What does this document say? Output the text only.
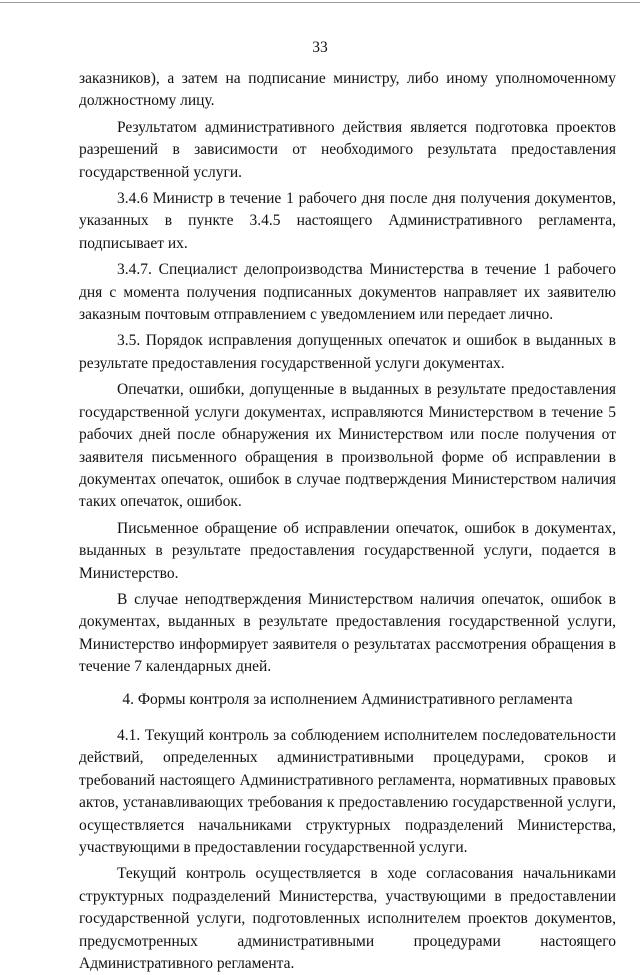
33

заказников), а затем на подписание министру, либо иному уполномоченному должностному лицу.

Результатом административного действия является подготовка проектов разрешений в зависимости от необходимого результата предоставления государственной услуги.

3.4.6 Министр в течение 1 рабочего дня после дня получения документов, указанных в пункте 3.4.5 настоящего Административного регламента, подписывает их.

3.4.7. Специалист делопроизводства Министерства в течение 1 рабочего дня с момента получения подписанных документов направляет их заявителю заказным почтовым отправлением с уведомлением или передает лично.

3.5. Порядок исправления допущенных опечаток и ошибок в выданных в результате предоставления государственной услуги документах.

Опечатки, ошибки, допущенные в выданных в результате предоставления государственной услуги документах, исправляются Министерством в течение 5 рабочих дней после обнаружения их Министерством или после получения от заявителя письменного обращения в произвольной форме об исправлении в документах опечаток, ошибок в случае подтверждения Министерством наличия таких опечаток, ошибок.

Письменное обращение об исправлении опечаток, ошибок в документах, выданных в результате предоставления государственной услуги, подается в Министерство.

В случае неподтверждения Министерством наличия опечаток, ошибок в документах, выданных в результате предоставления государственной услуги, Министерство информирует заявителя о результатах рассмотрения обращения в течение 7 календарных дней.

4. Формы контроля за исполнением Административного регламента

4.1. Текущий контроль за соблюдением исполнителем последовательности действий, определенных административными процедурами, сроков и требований настоящего Административного регламента, нормативных правовых актов, устанавливающих требования к предоставлению государственной услуги, осуществляется начальниками структурных подразделений Министерства, участвующими в предоставлении государственной услуги.

Текущий контроль осуществляется в ходе согласования начальниками структурных подразделений Министерства, участвующими в предоставлении государственной услуги, подготовленных исполнителем проектов документов, предусмотренных административными процедурами настоящего Административного регламента.
